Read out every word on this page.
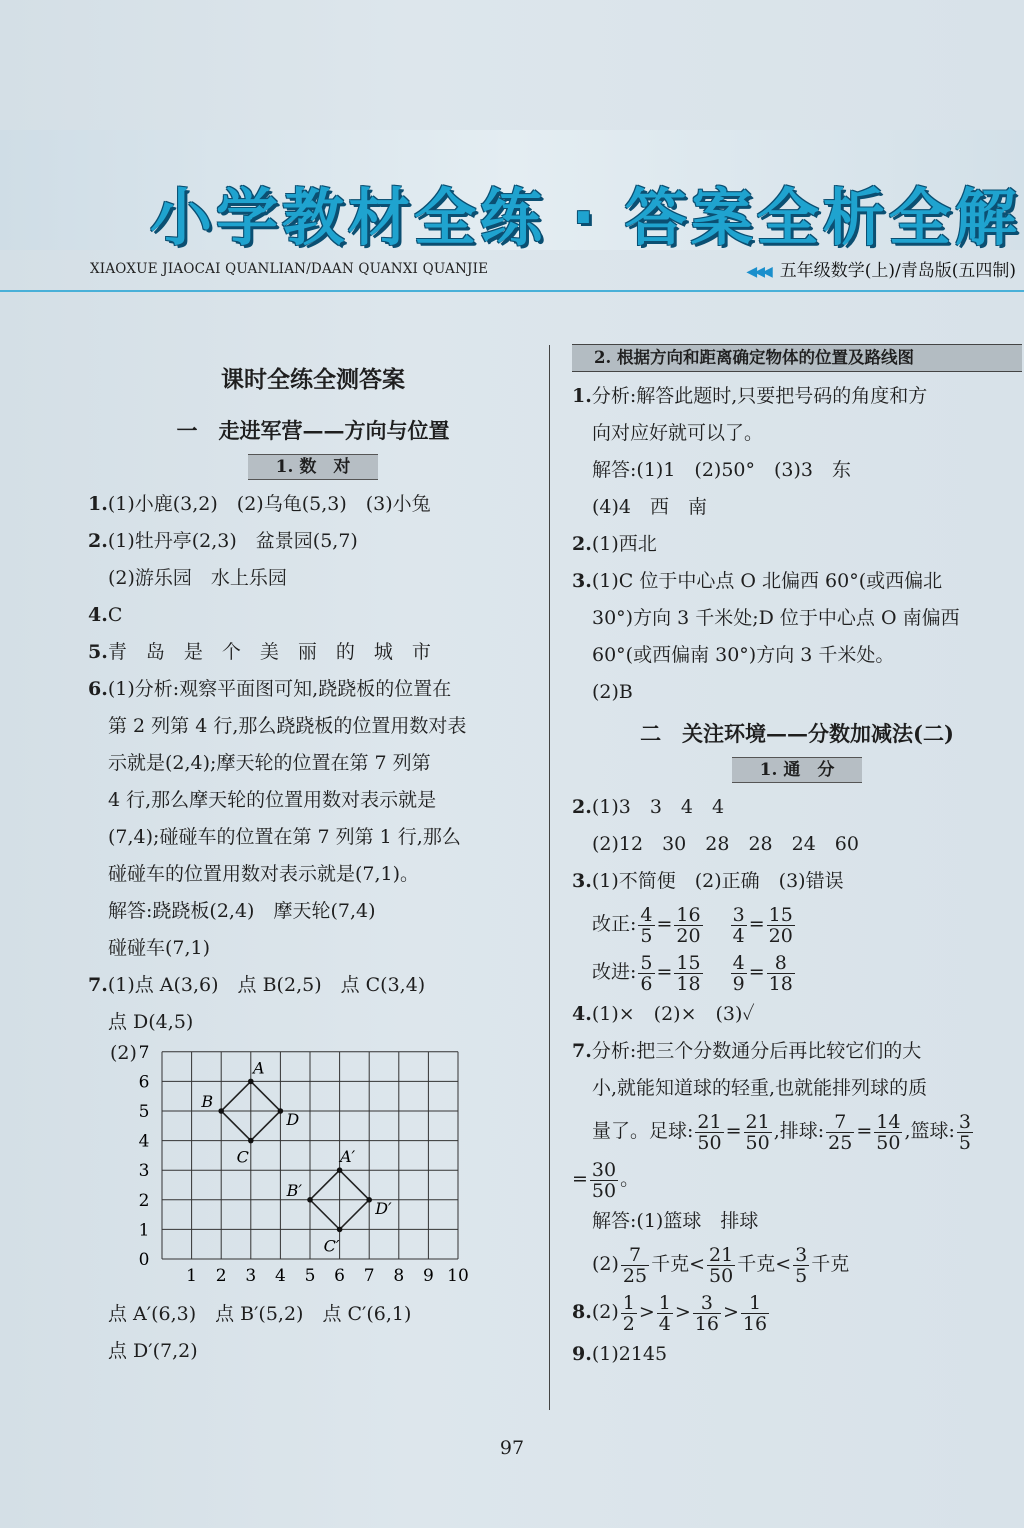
小学教材全练 · 答案全析全解
XIAOXUE JIAOCAI QUANLIAN/DAAN QUANXI QUANJIE	◀◀◀ 五年级数学(上)/青岛版(五四制)
课时全练全测答案
一　走进军营——方向与位置
1. 数　对
1.(1)小鹿(3,2)　(2)乌龟(5,3)　(3)小兔
2.(1)牡丹亭(2,3)　盆景园(5,7)
(2)游乐园　水上乐园
4.C
5.青　岛　是　个　美　丽　的　城　市
6.(1)分析:观察平面图可知,跷跷板的位置在
第 2 列第 4 行,那么跷跷板的位置用数对表
示就是(2,4);摩天轮的位置在第 7 列第
4 行,那么摩天轮的位置用数对表示就是
(7,4);碰碰车的位置在第 7 列第 1 行,那么
碰碰车的位置用数对表示就是(7,1)。
解答:跷跷板(2,4)　摩天轮(7,4)
碰碰车(7,1)
7.(1)点 A(3,6)　点 B(2,5)　点 C(3,4)
点 D(4,5)
(2)
0
1
2
3
4
5
6
7
1 2 3 4 5 6 7 8 9 10
A
B
C
D
A′
B′
C′
D′
点 A′(6,3)　点 B′(5,2)　点 C′(6,1)
点 D′(7,2)
2. 根据方向和距离确定物体的位置及路线图
1.分析:解答此题时,只要把号码的角度和方
向对应好就可以了。
解答:(1)1　(2)50°　(3)3　东
(4)4　西　南
2.(1)西北
3.(1)C 位于中心点 O 北偏西 60°(或西偏北
30°)方向 3 千米处;D 位于中心点 O 南偏西
60°(或西偏南 30°)方向 3 千米处。
(2)B
二　关注环境——分数加减法(二)
1. 通　分
2.(1)3　3　4　4
(2)12　30　28　28　24　60
3.(1)不简便　(2)正确　(3)错误
改正: $\frac{4}{5} = \frac{16}{20}$
$\frac{3}{4} = \frac{15}{20}$
改进: $\frac{5}{6} = \frac{15}{18}$
$\frac{4}{9} = \frac{8}{18}$
4.(1)×　(2)×　(3)✓
7.分析:把三个分数通分后再比较它们的大
小,就能知道球的轻重,也就能排列球的质
量了。足球: $\frac{21}{50} = \frac{21}{50}$ ,排球: $\frac{7}{25} = \frac{14}{50}$ ,篮球: $\frac{3}{5}$
= $\frac{30}{50}$ 。
解答:(1)篮球　排球
$(2) \frac{7}{25}$ 千克< $\frac{21}{50}$ 千克< $\frac{3}{5}$ 千克
$8.(2) \frac{1}{2} > \frac{1}{4} > \frac{3}{16} > \frac{1}{16}$
9.(1)2145
97
